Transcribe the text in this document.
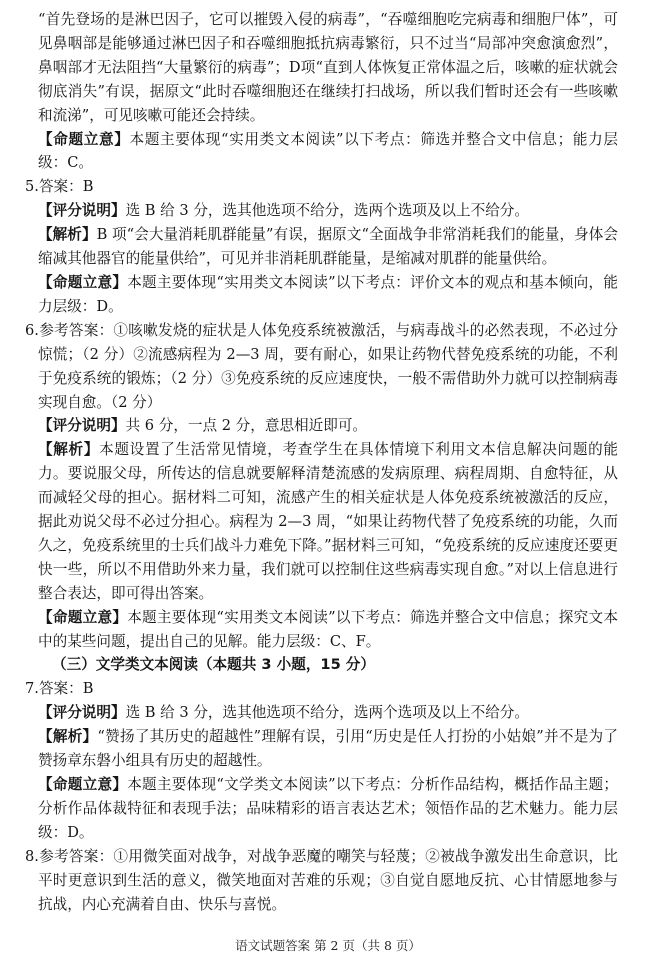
“首先登场的是淋巴因子，它可以摧毁入侵的病毒”，“吞噬细胞吃完病毒和细胞尸体”，可见鼻咽部是能够通过淋巴因子和吞噬细胞抵抗病毒繁衍，只不过当“局部冲突愈演愈烈”，鼻咽部才无法阻挡“大量繁衍的病毒”；D项“直到人体恢复正常体温之后，咳嗽的症状就会彻底消失”有误，据原文“此时吞噬细胞还在继续打扫战场，所以我们暂时还会有一些咳嗽和流涕”，可见咳嗽可能还会持续。

【命题立意】本题主要体现“实用类文本阅读”以下考点：筛选并整合文中信息；能力层级：C。

5.答案：B

【评分说明】选 B 给 3 分，选其他选项不给分，选两个选项及以上不给分。

【解析】B 项“会大量消耗肌群能量”有误，据原文“全面战争非常消耗我们的能量，身体会缩减其他器官的能量供给”，可见并非消耗肌群能量，是缩减对肌群的能量供给。

【命题立意】本题主要体现“实用类文本阅读”以下考点：评价文本的观点和基本倾向，能力层级：D。

6.参考答案：①咳嗽发烧的症状是人体免疫系统被激活，与病毒战斗的必然表现，不必过分惊慌；（2 分）②流感病程为 2—3 周，要有耐心，如果让药物代替免疫系统的功能，不利于免疫系统的锻炼；（2 分）③免疫系统的反应速度快，一般不需借助外力就可以控制病毒实现自愈。（2 分）

【评分说明】共 6 分，一点 2 分，意思相近即可。

【解析】本题设置了生活常见情境，考查学生在具体情境下利用文本信息解决问题的能力。要说服父母，所传达的信息就要解释清楚流感的发病原理、病程周期、自愈特征，从而减轻父母的担心。据材料二可知，流感产生的相关症状是人体免疫系统被激活的反应，据此劝说父母不必过分担心。病程为 2—3 周，“如果让药物代替了免疫系统的功能，久而久之，免疫系统里的士兵们战斗力难免下降。”据材料三可知，“免疫系统的反应速度还要更快一些，所以不用借助外来力量，我们就可以控制住这些病毒实现自愈。”对以上信息进行整合表达，即可得出答案。

【命题立意】本题主要体现“实用类文本阅读”以下考点：筛选并整合文中信息；探究文本中的某些问题，提出自己的见解。能力层级：C、F。

（三）文学类文本阅读（本题共 3 小题，15 分）

7.答案：B

【评分说明】选 B 给 3 分，选其他选项不给分，选两个选项及以上不给分。

【解析】“赞扬了其历史的超越性”理解有误，引用“历史是任人打扮的小姑娘”并不是为了赞扬章东磐小组具有历史的超越性。

【命题立意】本题主要体现“文学类文本阅读”以下考点：分析作品结构，概括作品主题；分析作品体裁特征和表现手法；品味精彩的语言表达艺术；领悟作品的艺术魅力。能力层级：D。

8.参考答案：①用微笑面对战争，对战争恶魔的嘲笑与轻蔑；②被战争激发出生命意识，比平时更意识到生活的意义，微笑地面对苦难的乐观；③自觉自愿地反抗、心甘情愿地参与抗战，内心充满着自由、快乐与喜悦。

语文试题答案 第 2 页（共 8 页）
